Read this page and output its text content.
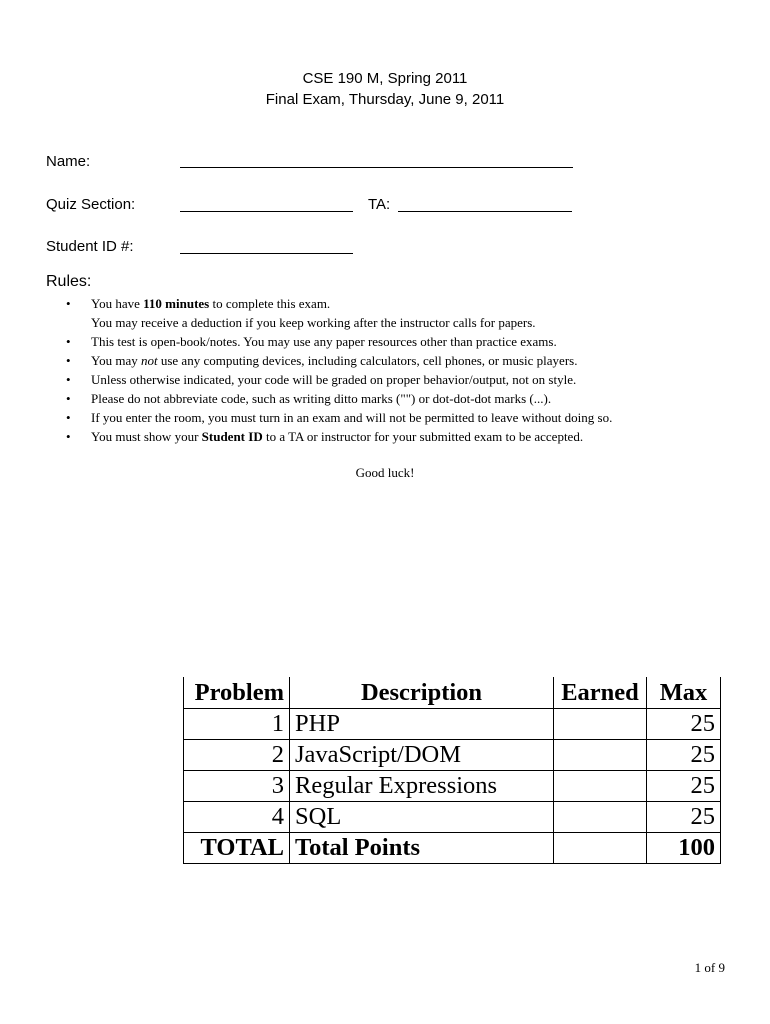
CSE 190 M, Spring 2011
Final Exam, Thursday, June 9, 2011
Name:
Quiz Section:	TA:
Student ID #:
Rules:
• You have 110 minutes to complete this exam.
You may receive a deduction if you keep working after the instructor calls for papers.
• This test is open-book/notes. You may use any paper resources other than practice exams.
• You may not use any computing devices, including calculators, cell phones, or music players.
• Unless otherwise indicated, your code will be graded on proper behavior/output, not on style.
• Please do not abbreviate code, such as writing ditto marks ("") or dot-dot-dot marks (...).
• If you enter the room, you must turn in an exam and will not be permitted to leave without doing so.
• You must show your Student ID to a TA or instructor for your submitted exam to be accepted.
Good luck!
Problem	Description	Earned	Max
1	PHP		25
2	JavaScript/DOM		25
3	Regular Expressions		25
4	SQL		25
TOTAL	Total Points		100
1 of 9
